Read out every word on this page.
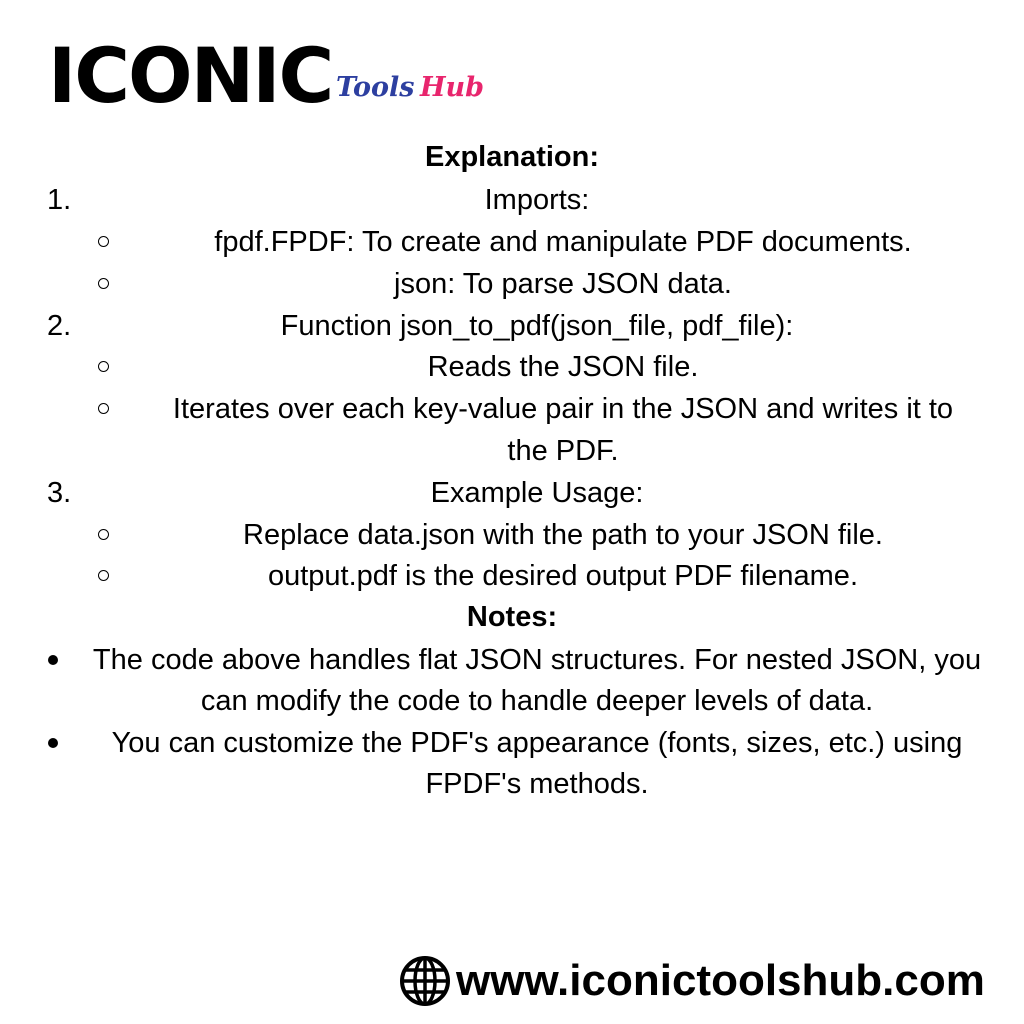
ICONIC Tools Hub
Explanation:
1.	Imports:
fpdf.FPDF: To create and manipulate PDF documents.
json: To parse JSON data.
2.	Function json_to_pdf(json_file, pdf_file):
Reads the JSON file.
Iterates over each key-value pair in the JSON and writes it to
the PDF.
3.	Example Usage:
Replace data.json with the path to your JSON file.
output.pdf is the desired output PDF filename.
Notes:
The code above handles flat JSON structures. For nested JSON, you
can modify the code to handle deeper levels of data.
You can customize the PDF's appearance (fonts, sizes, etc.) using
FPDF's methods.
www.iconictoolshub.com
